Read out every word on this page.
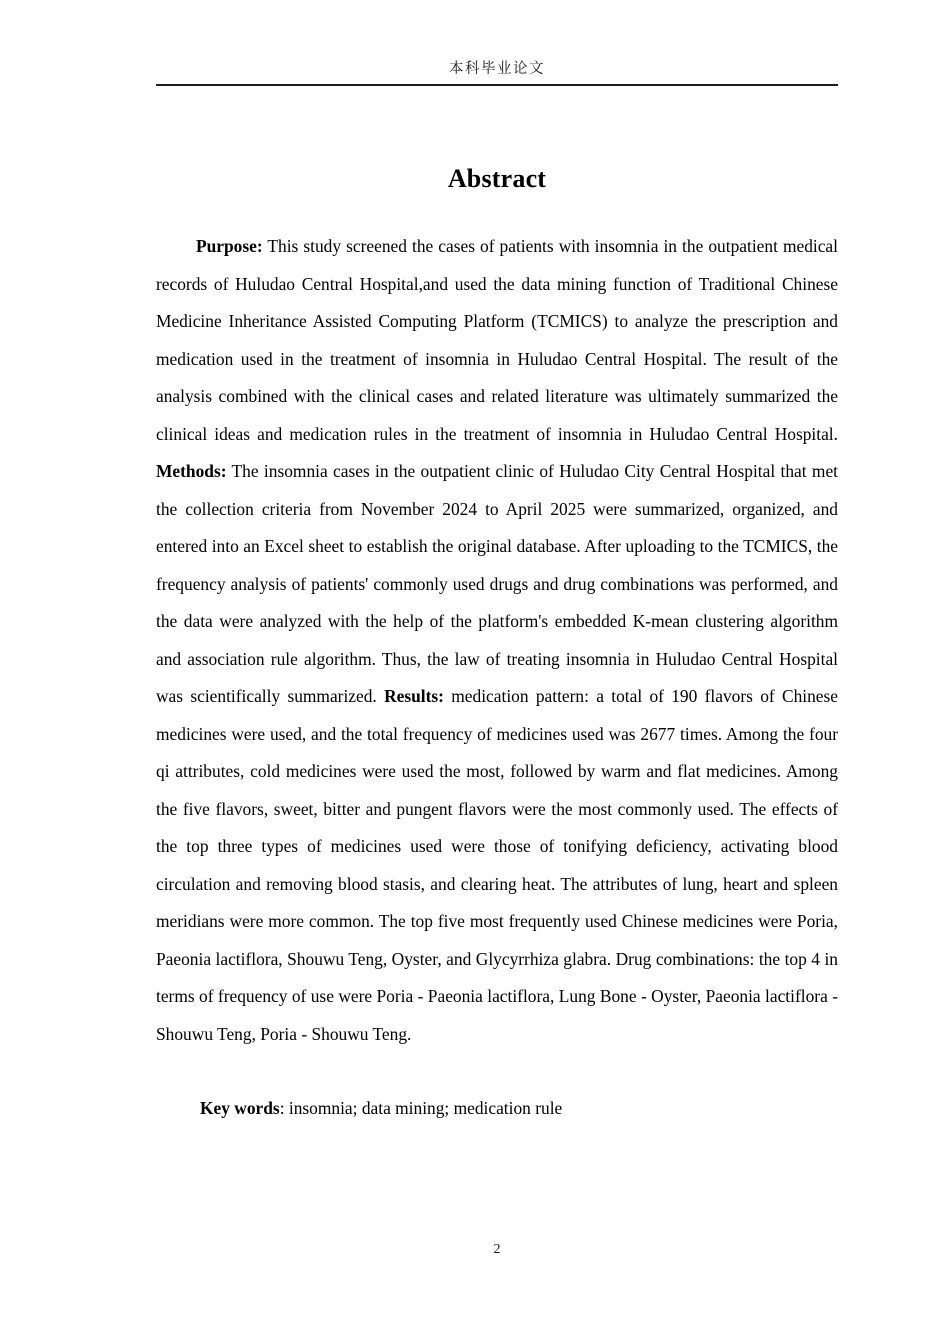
本科毕业论文
Abstract

Purpose: This study screened the cases of patients with insomnia in the outpatient medical records of Huludao Central Hospital,and used the data mining function of Traditional Chinese Medicine Inheritance Assisted Computing Platform (TCMICS) to analyze the prescription and medication used in the treatment of insomnia in Huludao Central Hospital. The result of the analysis combined with the clinical cases and related literature was ultimately summarized the clinical ideas and medication rules in the treatment of insomnia in Huludao Central Hospital. Methods: The insomnia cases in the outpatient clinic of Huludao City Central Hospital that met the collection criteria from November 2024 to April 2025 were summarized, organized, and entered into an Excel sheet to establish the original database. After uploading to the TCMICS, the frequency analysis of patients' commonly used drugs and drug combinations was performed, and the data were analyzed with the help of the platform's embedded K-mean clustering algorithm and association rule algorithm. Thus, the law of treating insomnia in Huludao Central Hospital was scientifically summarized. Results: medication pattern: a total of 190 flavors of Chinese medicines were used, and the total frequency of medicines used was 2677 times. Among the four qi attributes, cold medicines were used the most, followed by warm and flat medicines. Among the five flavors, sweet, bitter and pungent flavors were the most commonly used. The effects of the top three types of medicines used were those of tonifying deficiency, activating blood circulation and removing blood stasis, and clearing heat. The attributes of lung, heart and spleen meridians were more common. The top five most frequently used Chinese medicines were Poria, Paeonia lactiflora, Shouwu Teng, Oyster, and Glycyrrhiza glabra. Drug combinations: the top 4 in terms of frequency of use were Poria - Paeonia lactiflora, Lung Bone - Oyster, Paeonia lactiflora - Shouwu Teng, Poria - Shouwu Teng.

Key words: insomnia; data mining; medication rule

2
